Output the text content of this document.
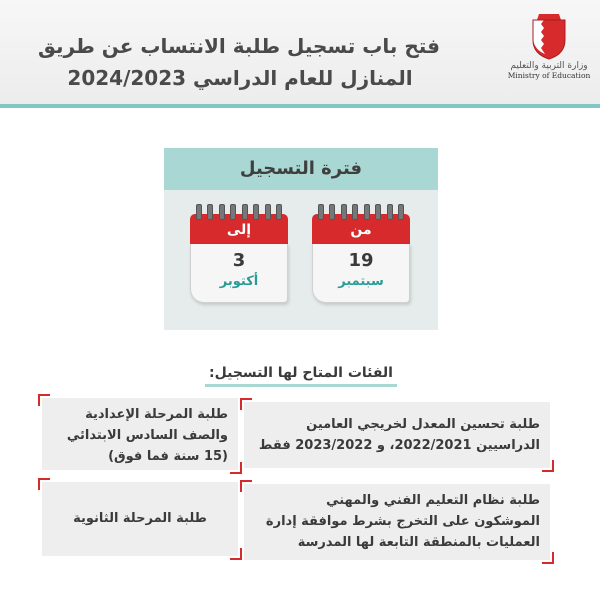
فتح باب تسجيل طلبة الانتساب عن طريق
المنازل للعام الدراسي 2024/2023	وزارة التربية والتعليم
Ministry of Education
فترة التسجيل
إلى
3
أكتوبر
من
19
سبتمبر
الفئات المتاح لها التسجيل:
طلبة تحسين المعدل لخريجي العامين
الدراسيين 2022/2021، و 2023/2022 فقط
طلبة المرحلة الإعدادية
والصف السادس الابتدائي
(15 سنة فما فوق)
طلبة نظام التعليم الفني والمهني
الموشكون على التخرج بشرط موافقة إدارة
العمليات بالمنطقة التابعة لها المدرسة
طلبة المرحلة الثانوية
